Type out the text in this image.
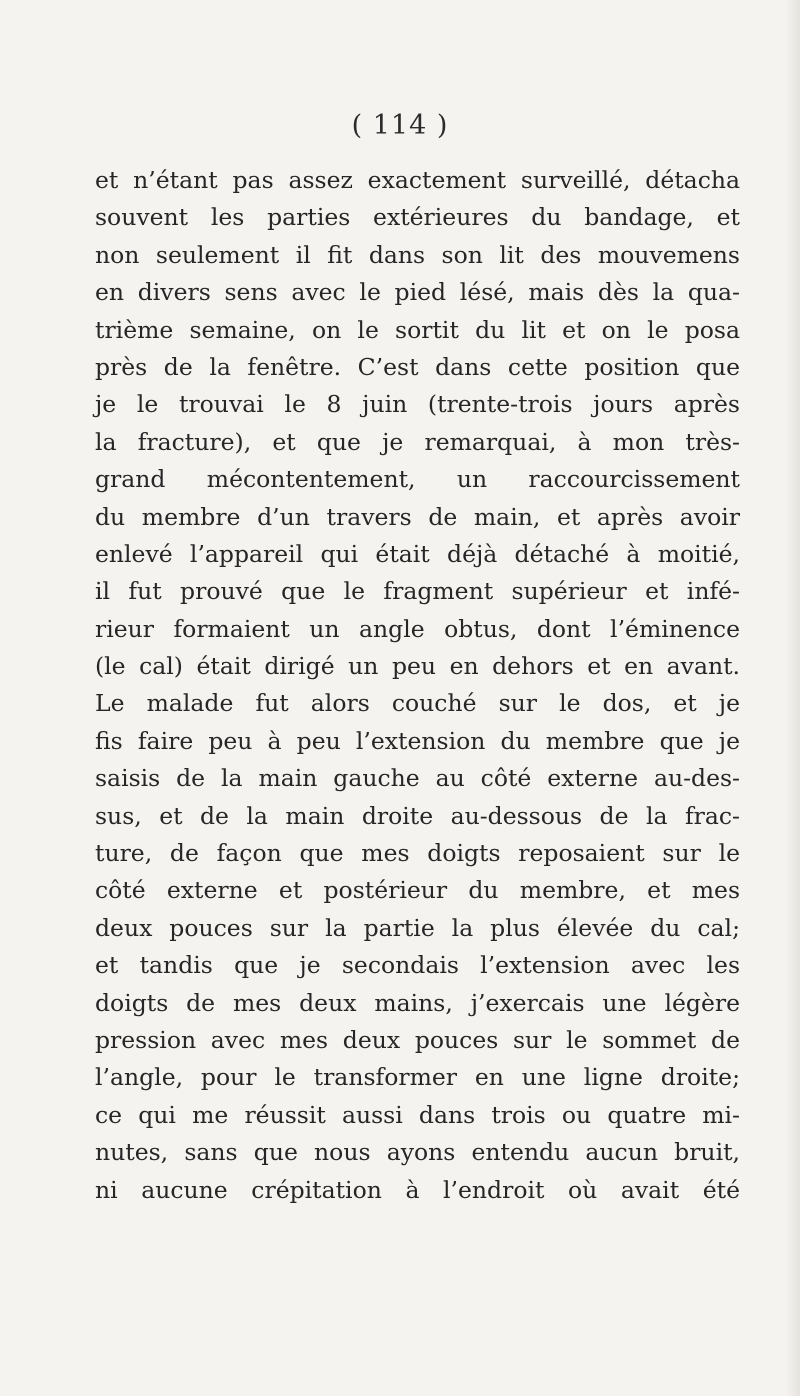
( 114 )
et n’étant pas assez exactement surveillé, détacha
souvent les parties extérieures du bandage, et
non seulement il fit dans son lit des mouvemens
en divers sens avec le pied lésé, mais dès la qua-
trième semaine, on le sortit du lit et on le posa
près de la fenêtre. C’est dans cette position que
je le trouvai le 8 juin (trente-trois jours après
la fracture), et que je remarquai, à mon très-
grand mécontentement, un raccourcissement
du membre d’un travers de main, et après avoir
enlevé l’appareil qui était déjà détaché à moitié,
il fut prouvé que le fragment supérieur et infé-
rieur formaient un angle obtus, dont l’éminence
(le cal) était dirigé un peu en dehors et en avant.
Le malade fut alors couché sur le dos, et je
fis faire peu à peu l’extension du membre que je
saisis de la main gauche au côté externe au-des-
sus, et de la main droite au-dessous de la frac-
ture, de façon que mes doigts reposaient sur le
côté externe et postérieur du membre, et mes
deux pouces sur la partie la plus élevée du cal;
et tandis que je secondais l’extension avec les
doigts de mes deux mains, j’exercais une légère
pression avec mes deux pouces sur le sommet de
l’angle, pour le transformer en une ligne droite;
ce qui me réussit aussi dans trois ou quatre mi-
nutes, sans que nous ayons entendu aucun bruit,
ni aucune crépitation à l’endroit où avait été
